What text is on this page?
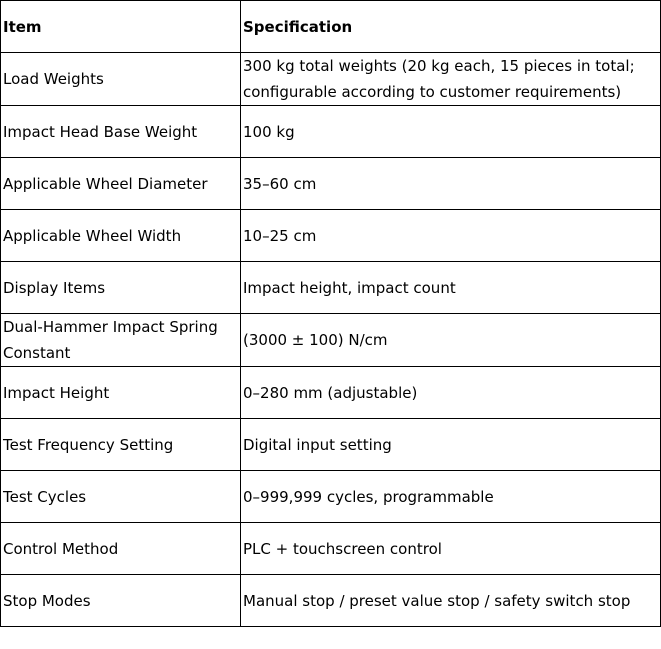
Item	Specification
Load Weights	300 kg total weights (20 kg each, 15 pieces in total; configurable according to customer requirements)
Impact Head Base Weight	100 kg
Applicable Wheel Diameter	35–60 cm
Applicable Wheel Width	10–25 cm
Display Items	Impact height, impact count
Dual-Hammer Impact Spring Constant	(3000 ± 100) N/cm
Impact Height	0–280 mm (adjustable)
Test Frequency Setting	Digital input setting
Test Cycles	0–999,999 cycles, programmable
Control Method	PLC + touchscreen control
Stop Modes	Manual stop / preset value stop / safety switch stop
